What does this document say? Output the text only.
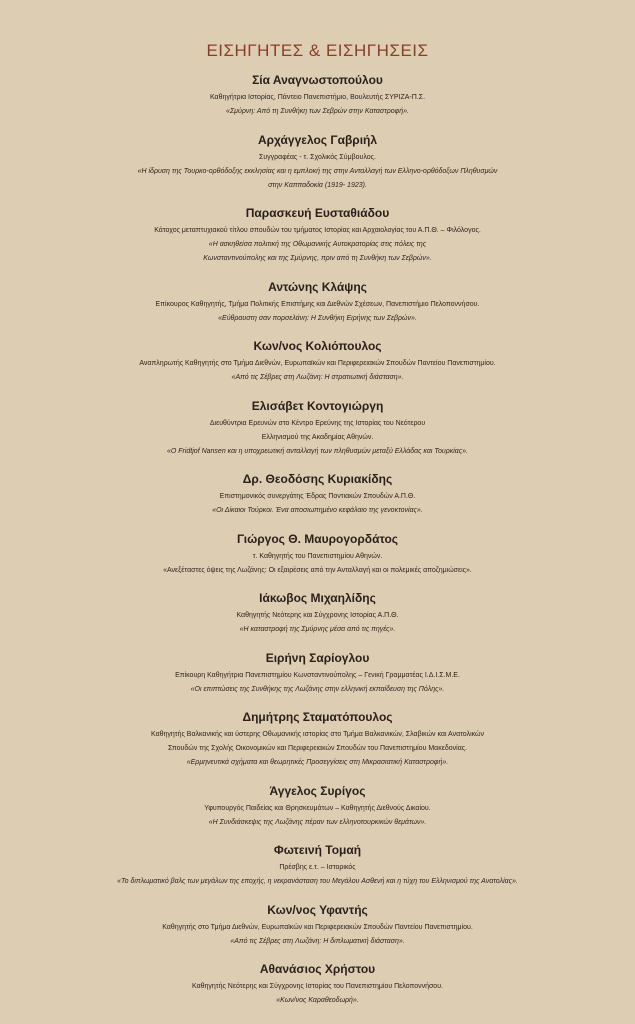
ΕΙΣΗΓΗΤΕΣ & ΕΙΣΗΓΗΣΕΙΣ
Σία Αναγνωστοπούλου
Καθηγήτρια Ιστορίας, Πάντειο Πανεπιστήμιο, Βουλευτής ΣΥΡΙΖΑ-Π.Σ.
«Σμύρνη: Από τη Συνθήκη των Σεβρών στην Καταστροφή».
Αρχάγγελος Γαβριήλ
Συγγραφέας - τ. Σχολικός Σύμβουλος.
«Η ίδρυση της Τουρκο-ορθόδοξης εκκλησίας και η εμπλοκή της στην Ανταλλαγή των Ελληνο-ορθόδοξων Πληθυσμών
στην Καππαδοκία (1919- 1923).
Παρασκευή Ευσταθιάδου
Κάτοχος μεταπτυχιακού τίτλου σπουδών του τμήματος Ιστορίας και Αρχαιολογίας του Α.Π.Θ. – Φιλόλογος.
«Η ασκηθείσα πολιτική της Οθωμανικής Αυτοκρατορίας στις πόλεις της
Κωνσταντινούπολης και της Σμύρνης, πριν από τη Συνθήκη των Σεβρών».
Αντώνης Κλάψης
Επίκουρος Καθηγητής, Τμήμα Πολιτικής Επιστήμης και Διεθνών Σχέσεων, Πανεπιστήμιο Πελοποννήσου.
«Εύθραυστη σαν πορσελάνη: Η Συνθήκη Ειρήνης των Σεβρών».
Κων/νος Κολιόπουλος
Αναπληρωτής Καθηγητής στο Τμήμα Διεθνών, Ευρωπαϊκών και Περιφερειακών Σπουδών Παντείου Πανεπιστημίου.
«Από τις Σέβρες στη Λωζάνη: Η στρατιωτική διάσταση».
Ελισάβετ Κοντογιώργη
Διευθύντρια Ερευνών στο Κέντρο Ερεύνης της Ιστορίας του Νεότερου
Ελληνισμού της Ακαδημίας Αθηνών.
«O Fridtjof Nansen και η υποχρεωτική ανταλλαγή των πληθυσμών μεταξύ Ελλάδας και Τουρκίας».
Δρ. Θεοδόσης Κυριακίδης
Επιστημονικός συνεργάτης Έδρας Ποντιακών Σπουδών Α.Π.Θ.
«Οι Δίκαιοι Τούρκοι. Ένα αποσιωπημένο κεφάλαιο της γενοκτονίας».
Γιώργος Θ. Μαυρογορδάτος
τ. Καθηγητής του Πανεπιστημίου Αθηνών.
«Ανεξέταστες όψεις της Λωζάνης: Οι εξαιρέσεις από την Ανταλλαγή και οι πολεμικές αποζημιώσεις».
Ιάκωβος Μιχαηλίδης
Καθηγητής Νεότερης και Σύγχρονης Ιστορίας Α.Π.Θ.
«Η καταστροφή της Σμύρνης μέσα από τις πηγές».
Ειρήνη Σαρίογλου
Επίκουρη Καθηγήτρια Πανεπιστημίου Κωνσταντινούπολης – Γενική Γραμματέας Ι.Δ.Ι.Σ.Μ.Ε.
«Οι επιπτώσεις της Συνθήκης της Λωζάνης στην ελληνική εκπαίδευση της Πόλης».
Δημήτρης Σταματόπουλος
Καθηγητής Βαλκανικής και ύστερης Οθωμανικής ιστορίας στο Τμήμα Βαλκανικών, Σλαβικών και Ανατολικών
Σπουδών της Σχολής Οικονομικών και Περιφερειακών Σπουδών του Πανεπιστημίου Μακεδονίας.
«Ερμηνευτικά σχήματα και θεωρητικές Προσεγγίσεις στη Μικρασιατική Καταστροφή».
Άγγελος Συρίγος
Υφυπουργός Παιδείας και Θρησκευμάτων – Καθηγητής Διεθνούς Δικαίου.
«Η Συνδιάσκεψις της Λωζάνης πέραν των ελληνοτουρκικών θεμάτων».
Φωτεινή Τομαή
Πρέσβης ε.τ. – Ιστορικός
«Το διπλωματικό βαλς των μεγάλων της εποχής, η νεκρανάσταση του Μεγάλου Ασθενή και η τύχη του Ελληνισμού της Ανατολίας».
Κων/νος Υφαντής
Καθηγητής στο Τμήμα Διεθνών, Ευρωπαϊκών και Περιφερειακών Σπουδών Παντείου Πανεπιστημίου.
«Από τις Σέβρες στη Λωζάνη: Η διπλωματική διάσταση».
Αθανάσιος Χρήστου
Καθηγητής Νεότερης και Σύγχρονης Ιστορίας του Πανεπιστημίου Πελοποννήσου.
«Κων/νος Καραθεοδωρή».
